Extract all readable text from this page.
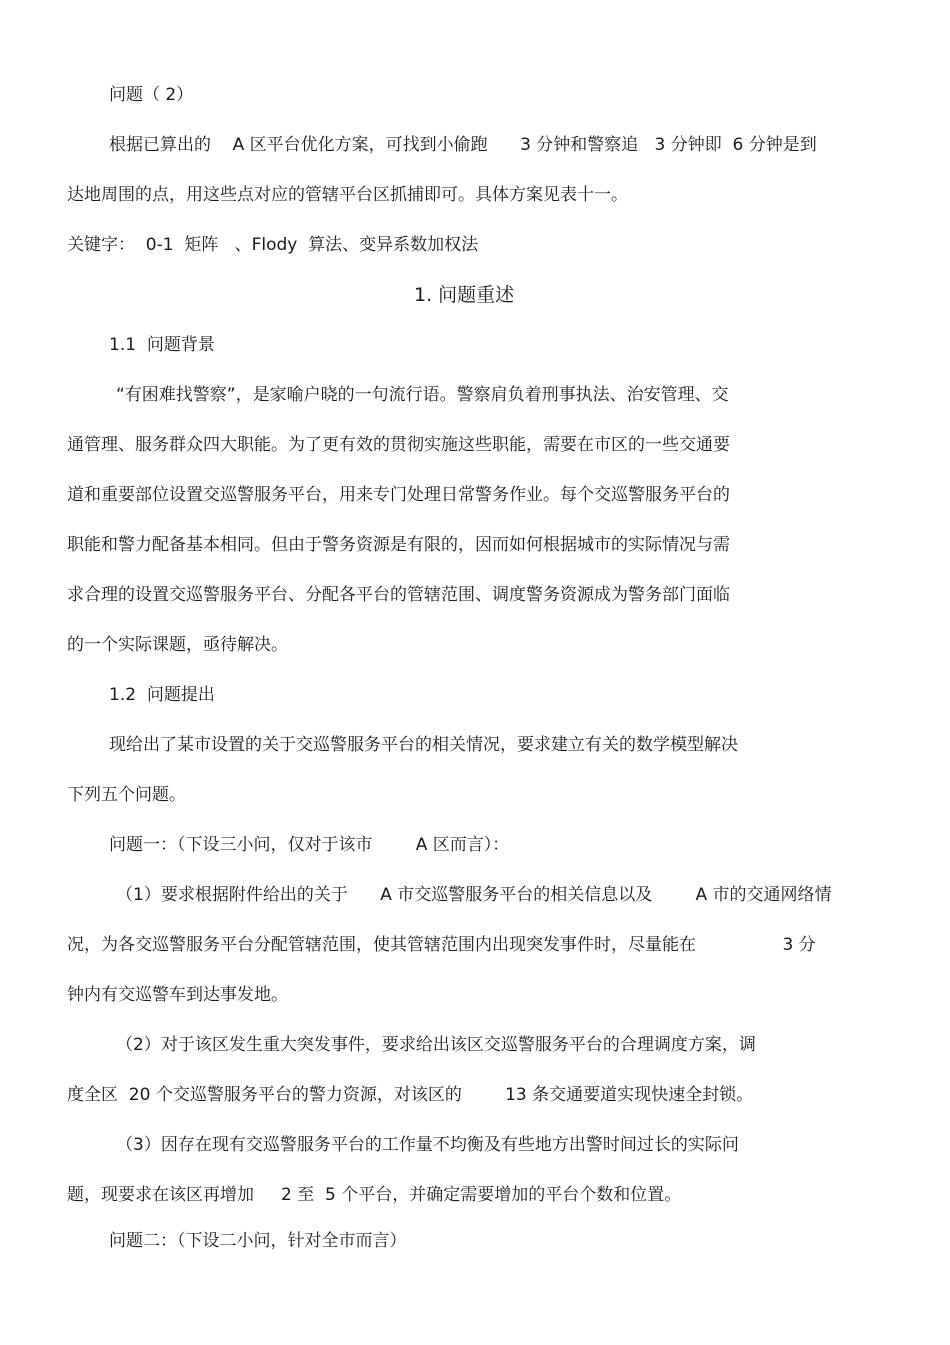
问题（ 2）
根据已算出的    A 区平台优化方案，可找到小偷跑      3 分钟和警察追   3 分钟即  6 分钟是到
达地周围的点，用这些点对应的管辖平台区抓捕即可。具体方案见表十一。
关键字：  0-1  矩阵   、Flody  算法、变异系数加权法
1. 问题重述
1.1  问题背景
“有困难找警察”，是家喻户晓的一句流行语。警察肩负着刑事执法、治安管理、交
通管理、服务群众四大职能。为了更有效的贯彻实施这些职能，需要在市区的一些交通要
道和重要部位设置交巡警服务平台，用来专门处理日常警务作业。每个交巡警服务平台的
职能和警力配备基本相同。但由于警务资源是有限的，因而如何根据城市的实际情况与需
求合理的设置交巡警服务平台、分配各平台的管辖范围、调度警务资源成为警务部门面临
的一个实际课题，亟待解决。
1.2  问题提出
现给出了某市设置的关于交巡警服务平台的相关情况，要求建立有关的数学模型解决
下列五个问题。
问题一：（下设三小问，仅对于该市        A 区而言）：
（1）要求根据附件给出的关于      A 市交巡警服务平台的相关信息以及        A 市的交通网络情
况，为各交巡警服务平台分配管辖范围，使其管辖范围内出现突发事件时，尽量能在                3 分
钟内有交巡警车到达事发地。
（2）对于该区发生重大突发事件，要求给出该区交巡警服务平台的合理调度方案，调
度全区  20 个交巡警服务平台的警力资源，对该区的        13 条交通要道实现快速全封锁。
（3）因存在现有交巡警服务平台的工作量不均衡及有些地方出警时间过长的实际问
题，现要求在该区再增加     2 至  5 个平台，并确定需要增加的平台个数和位置。
问题二：（下设二小问，针对全市而言）
